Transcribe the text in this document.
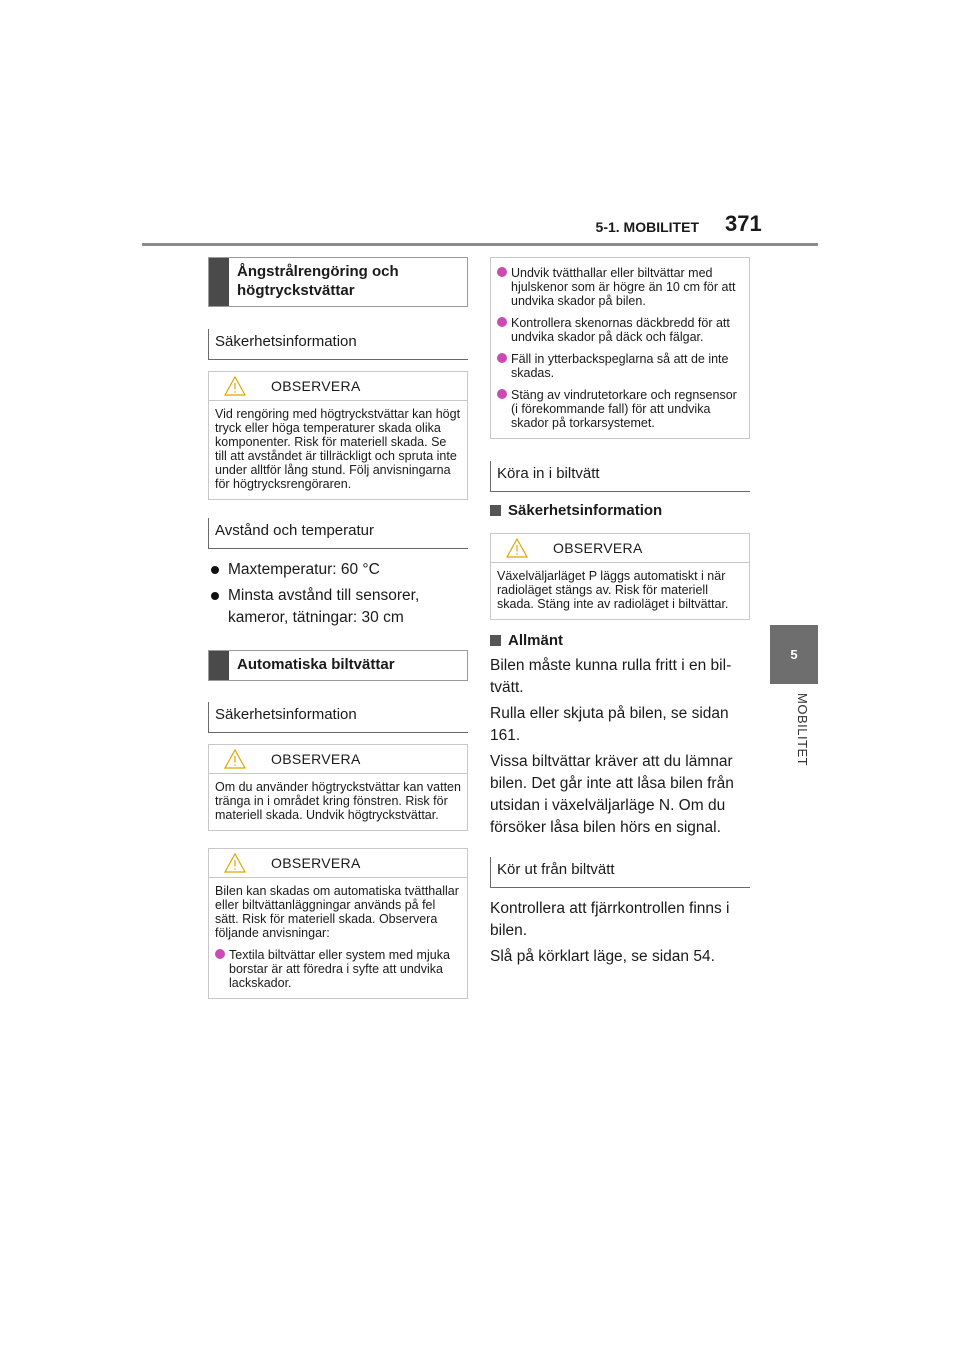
5-1. MOBILITET 371
5
MOBILITET
Ångstrålrengöring och högtryckstvättar
Säkerhetsinformation
OBSERVERA

Vid rengöring med högtryckstvättar kan högt tryck eller höga temperaturer skada olika komponenter. Risk för materiell skada. Se till att avståndet är tillräckligt och spruta inte under alltför lång stund. Följ anvisningarna för högtrycksrengöraren.

Avstånd och temperatur
Maxtemperatur: 60 °C
Minsta avstånd till sensorer, kameror, tätningar: 30 cm
Automatiska biltvättar
Säkerhetsinformation
OBSERVERA

Om du använder högtryckstvättar kan vatten tränga in i området kring fönstren. Risk för materiell skada. Undvik högtryckstvättar.

OBSERVERA

Bilen kan skadas om automatiska tvätthallar eller biltvättanläggningar används på fel sätt. Risk för materiell skada. Observera följande anvisningar:

Textila biltvättar eller system med mjuka borstar är att föredra i syfte att undvika lackskador.
Undvik tvätthallar eller biltvättar med hjulskenor som är högre än 10 cm för att undvika skador på bilen.
Kontrollera skenornas däckbredd för att undvika skador på däck och fälgar.
Fäll in ytterbackspeglarna så att de inte skadas.
Stäng av vindrutetorkare och regnsensor (i förekommande fall) för att undvika skador på torkarsystemet.
Köra in i biltvätt
Säkerhetsinformation
OBSERVERA

Växelväljarläget P läggs automatiskt i när radioläget stängs av. Risk för materiell skada. Stäng inte av radioläget i biltvättar.

Allmänt

Bilen måste kunna rulla fritt i en biltvätt.

Rulla eller skjuta på bilen, se sidan 161.

Vissa biltvättar kräver att du lämnar bilen. Det går inte att låsa bilen från utsidan i växelväljarläge N. Om du försöker låsa bilen hörs en signal.

Kör ut från biltvätt

Kontrollera att fjärrkontrollen finns i bilen.

Slå på körklart läge, se sidan 54.
